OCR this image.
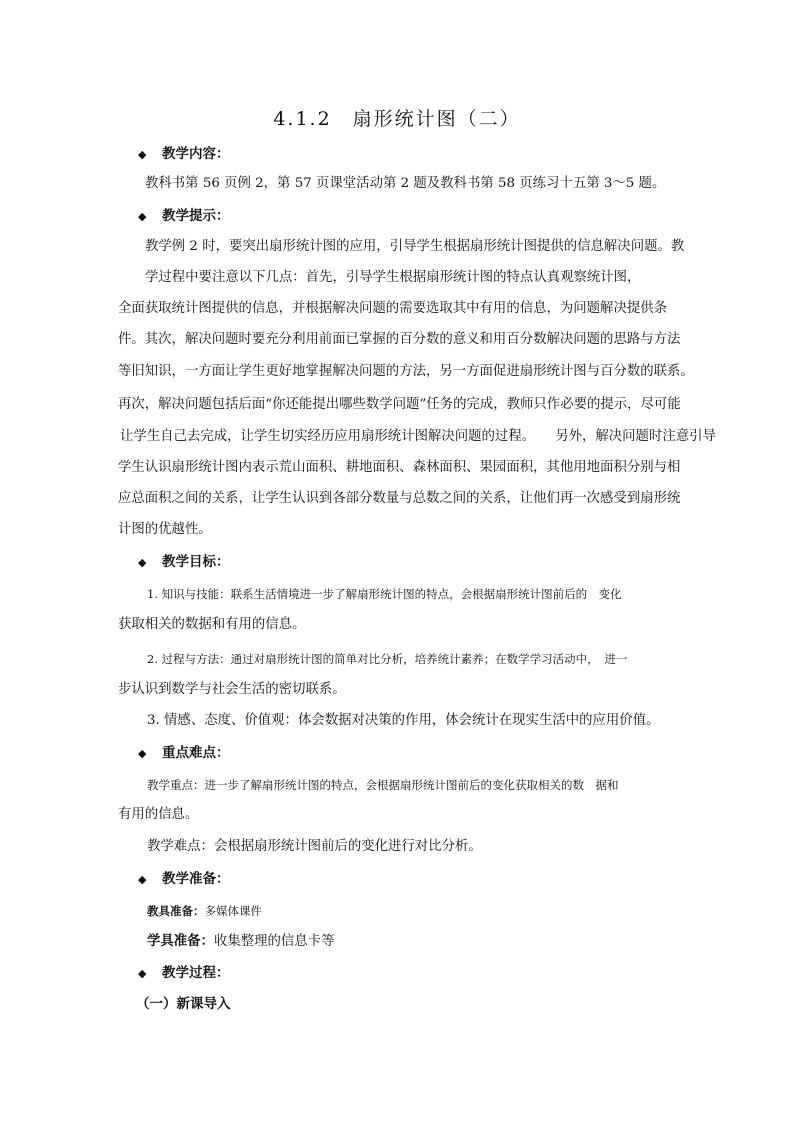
4.1.2　扇形统计图（二）
◆ 教学内容：
教科书第 56 页例 2，第 57 页课堂活动第 2 题及教科书第 58 页练习十五第 3～5 题。
◆ 教学提示：
教学例 2 时，要突出扇形统计图的应用，引导学生根据扇形统计图提供的信息解决问题。教
学过程中要注意以下几点：首先，引导学生根据扇形统计图的特点认真观察统计图，
全面获取统计图提供的信息，并根据解决问题的需要选取其中有用的信息，为问题解决提供条
件。其次，解决问题时要充分利用前面已掌握的百分数的意义和用百分数解决问题的思路与方法
等旧知识，一方面让学生更好地掌握解决问题的方法，另一方面促进扇形统计图与百分数的联系。
再次，解决问题包括后面“你还能提出哪些数学问题”任务的完成，教师只作必要的提示，尽可能
让学生自己去完成，让学生切实经历应用扇形统计图解决问题的过程。　　另外，解决问题时注意引导
学生认识扇形统计图内表示荒山面积、耕地面积、森林面积、果园面积，其他用地面积分别与相
应总面积之间的关系，让学生认识到各部分数量与总数之间的关系，让他们再一次感受到扇形统
计图的优越性。
◆ 教学目标：
1. 知识与技能：联系生活情境进一步了解扇形统计图的特点，会根据扇形统计图前后的　变化
获取相关的数据和有用的信息。
2. 过程与方法：通过对扇形统计图的简单对比分析，培养统计素养；在数学学习活动中，　进一
步认识到数学与社会生活的密切联系。
3. 情感、态度、价值观：体会数据对决策的作用，体会统计在现实生活中的应用价值。
◆ 重点难点：
教学重点：进一步了解扇形统计图的特点，会根据扇形统计图前后的变化获取相关的数　据和
有用的信息。
教学难点：会根据扇形统计图前后的变化进行对比分析。
◆ 教学准备：
教具准备：多媒体课件
学具准备：收集整理的信息卡等
◆ 教学过程：
（一）新课导入
